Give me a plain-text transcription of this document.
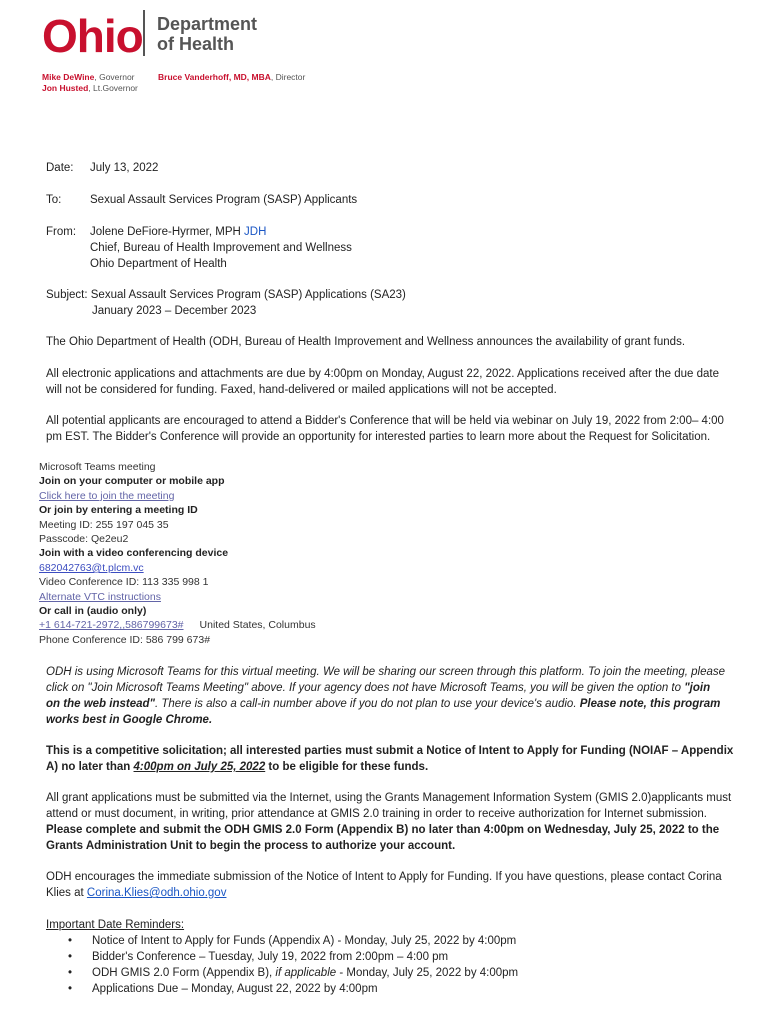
Ohio Department
of Health
Mike DeWine, Governor
Jon Husted, Lt.Governor
Bruce Vanderhoff, MD, MBA, Director
Date: July 13, 2022
To: Sexual Assault Services Program (SASP) Applicants
From: Jolene DeFiore-Hyrmer, MPH JDH
Chief, Bureau of Health Improvement and Wellness
Ohio Department of Health
Subject: Sexual Assault Services Program (SASP) Applications (SA23)
January 2023 – December 2023
The Ohio Department of Health (ODH, Bureau of Health Improvement and Wellness announces the availability of grant funds.
All electronic applications and attachments are due by 4:00pm on Monday, August 22, 2022. Applications received after the due date will not be considered for funding. Faxed, hand-delivered or mailed applications will not be accepted.
All potential applicants are encouraged to attend a Bidder's Conference that will be held via webinar on July 19, 2022 from 2:00– 4:00 pm EST. The Bidder's Conference will provide an opportunity for interested parties to learn more about the Request for Solicitation.
Microsoft Teams meeting
Join on your computer or mobile app
Click here to join the meeting
Or join by entering a meeting ID
Meeting ID: 255 197 045 35
Passcode: Qe2eu2
Join with a video conferencing device
682042763@t.plcm.vc
Video Conference ID: 113 335 998 1
Alternate VTC instructions
Or call in (audio only)
+1 614-721-2972,,586799673# United States, Columbus
Phone Conference ID: 586 799 673#
ODH is using Microsoft Teams for this virtual meeting. We will be sharing our screen through this platform. To join the meeting, please click on "Join Microsoft Teams Meeting" above. If your agency does not have Microsoft Teams, you will be given the option to "join on the web instead". There is also a call-in number above if you do not plan to use your device's audio. Please note, this program works best in Google Chrome.
This is a competitive solicitation; all interested parties must submit a Notice of Intent to Apply for Funding (NOIAF – Appendix A) no later than 4:00pm on July 25, 2022 to be eligible for these funds.
All grant applications must be submitted via the Internet, using the Grants Management Information System (GMIS 2.0)applicants must attend or must document, in writing, prior attendance at GMIS 2.0 training in order to receive authorization for Internet submission. Please complete and submit the ODH GMIS 2.0 Form (Appendix B) no later than 4:00pm on Wednesday, July 25, 2022 to the Grants Administration Unit to begin the process to authorize your account.
ODH encourages the immediate submission of the Notice of Intent to Apply for Funding. If you have questions, please contact Corina Klies at Corina.Klies@odh.ohio.gov
Important Date Reminders:
• Notice of Intent to Apply for Funds (Appendix A) - Monday, July 25, 2022 by 4:00pm
• Bidder's Conference – Tuesday, July 19, 2022 from 2:00pm – 4:00 pm
• ODH GMIS 2.0 Form (Appendix B), if applicable - Monday, July 25, 2022 by 4:00pm
• Applications Due – Monday, August 22, 2022 by 4:00pm
